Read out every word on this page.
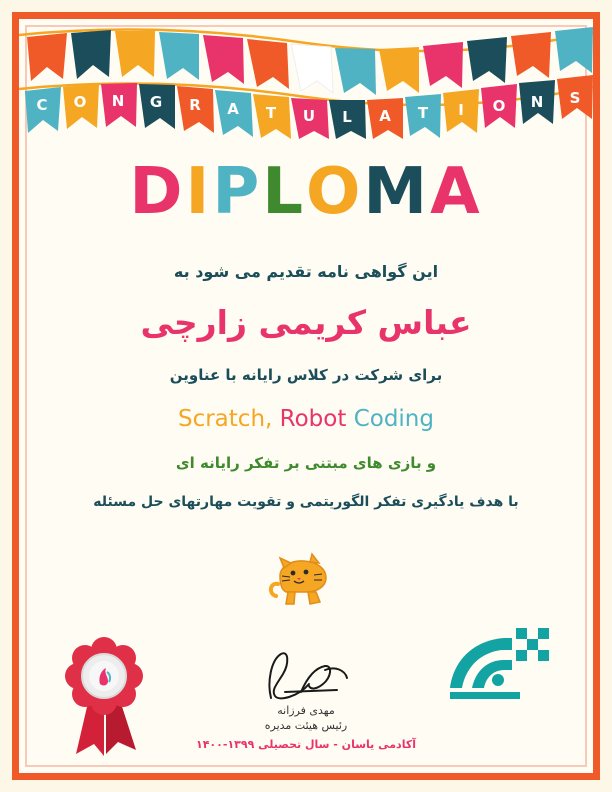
C O N G R A T U L A T I O N S
DIPLOMA
این گواهی نامه تقدیم می شود به
عباس کریمی زارچی
برای شرکت در کلاس رایانه با عناوین
Scratch, Robot Coding
و بازی های مبتنی بر تفکر رایانه ای
با هدف یادگیری تفکر الگوریتمی و تقویت مهارتهای حل مسئله
مهدی فرزانه
رئیس هیئت مدیره
آکادمی یاسان - سال تحصیلی ۱۳۹۹-۱۴۰۰
